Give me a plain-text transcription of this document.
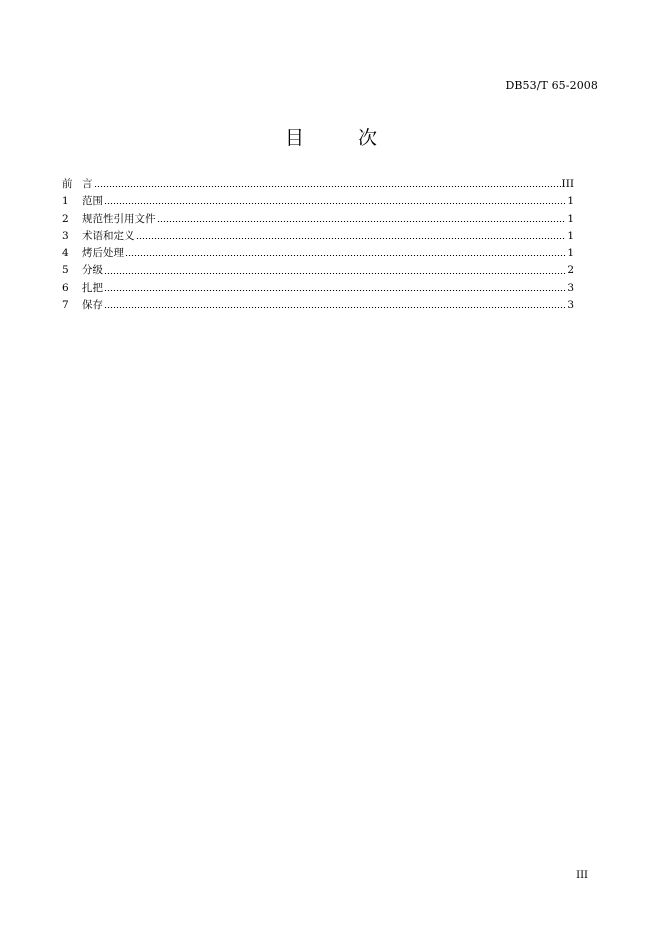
DB53/T 65-2008
目 次
前 言	III
1	范围	1
2	规范性引用文件	1
3	术语和定义	1
4	烤后处理	1
5	分级	2
6	扎把	3
7	保存	3
III
